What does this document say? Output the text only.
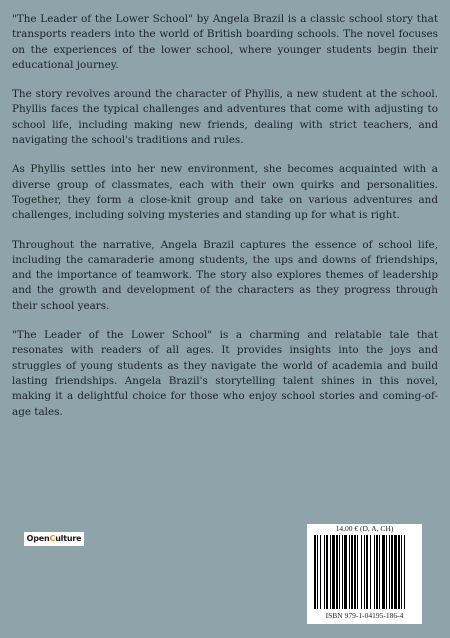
"The Leader of the Lower School" by Angela Brazil is a classic school story that transports readers into the world of British boarding schools. The novel focuses on the experiences of the lower school, where younger students begin their educational journey.

The story revolves around the character of Phyllis, a new student at the school. Phyllis faces the typical challenges and adventures that come with adjusting to school life, including making new friends, dealing with strict teachers, and navigating the school's traditions and rules.

As Phyllis settles into her new environment, she becomes acquainted with a diverse group of classmates, each with their own quirks and personalities. Together, they form a close-knit group and take on various adventures and challenges, including solving mysteries and standing up for what is right.

Throughout the narrative, Angela Brazil captures the essence of school life, including the camaraderie among students, the ups and downs of friendships, and the importance of teamwork. The story also explores themes of leadership and the growth and development of the characters as they progress through their school years.

"The Leader of the Lower School" is a charming and relatable tale that resonates with readers of all ages. It provides insights into the joys and struggles of young students as they navigate the world of academia and build lasting friendships. Angela Brazil's storytelling talent shines in this novel, making it a delightful choice for those who enjoy school stories and coming-of-age tales.

OpenCulture
14,00 € (D, A, CH)
ISBN 979-1-04195-186-4
